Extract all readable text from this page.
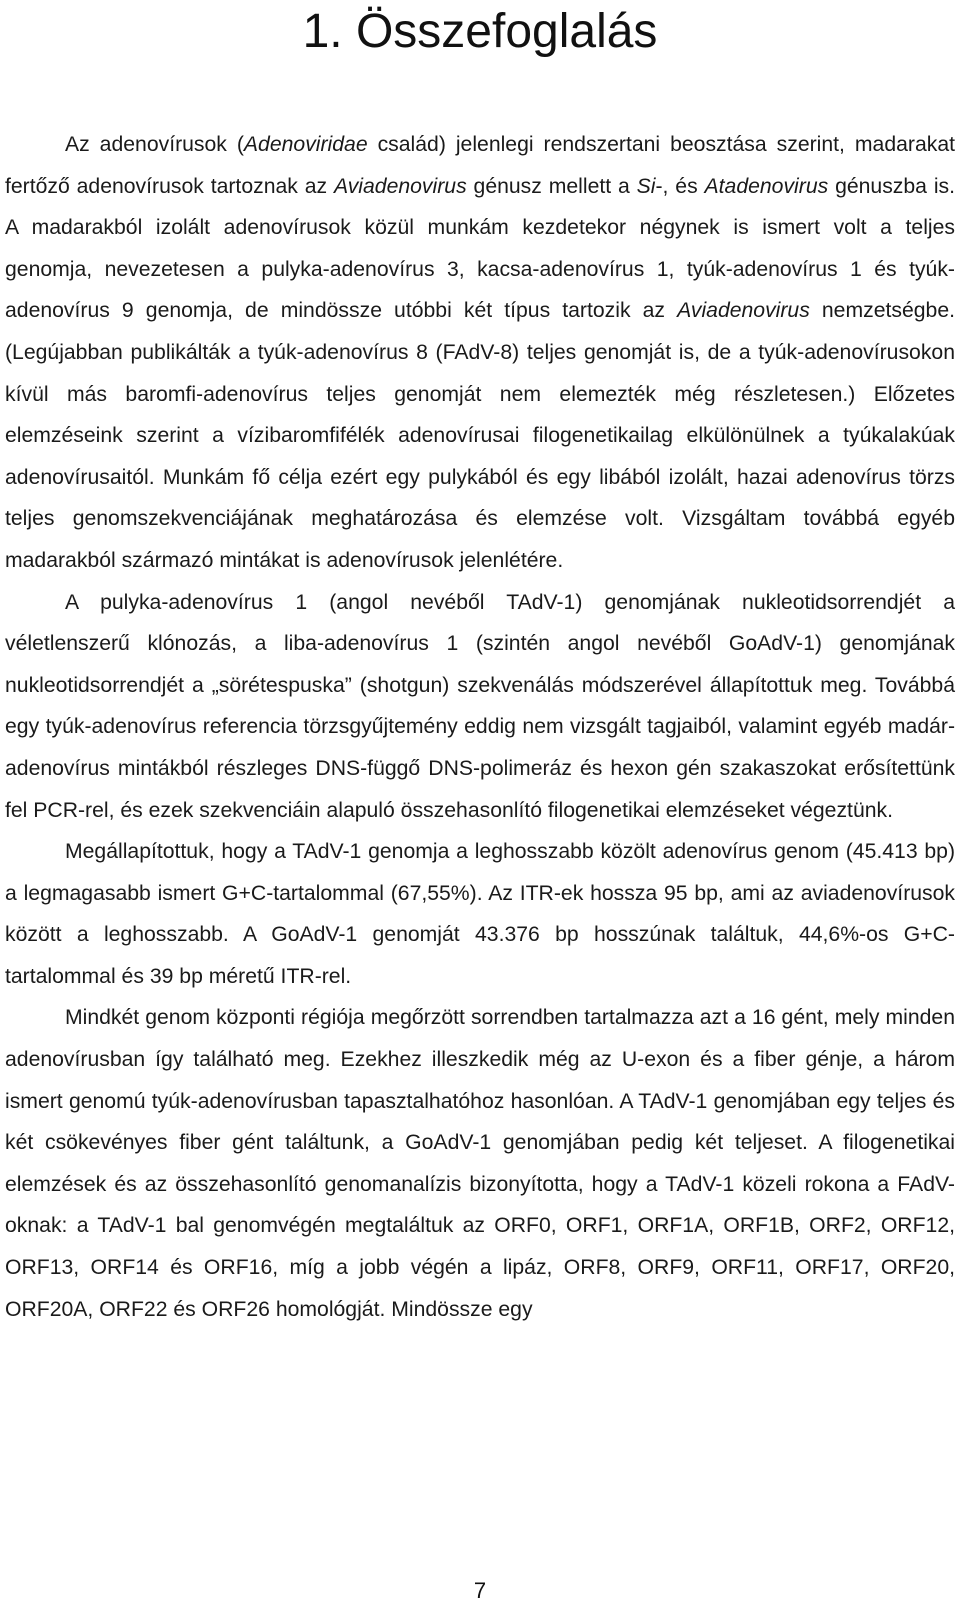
1. Összefoglalás

Az adenovírusok (Adenoviridae család) jelenlegi rendszertani beosztása szerint, madarakat fertőző adenovírusok tartoznak az Aviadenovirus génusz mellett a Si-, és Atadenovirus génuszba is. A madarakból izolált adenovírusok közül munkám kezdetekor négynek is ismert volt a teljes genomja, nevezetesen a pulyka-adenovírus 3, kacsa-adenovírus 1, tyúk-adenovírus 1 és tyúk-adenovírus 9 genomja, de mindössze utóbbi két típus tartozik az Aviadenovirus nemzetségbe. (Legújabban publikálták a tyúk-adenovírus 8 (FAdV-8) teljes genomját is, de a tyúk-adenovírusokon kívül más baromfi-adenovírus teljes genomját nem elemezték még részletesen.) Előzetes elemzéseink szerint a vízibaromfifélék adenovírusai filogenetikailag elkülönülnek a tyúkalakúak adenovírusaitól. Munkám fő célja ezért egy pulykából és egy libából izolált, hazai adenovírus törzs teljes genomszekvenciájának meghatározása és elemzése volt. Vizsgáltam továbbá egyéb madarakból származó mintákat is adenovírusok jelenlétére.

A pulyka-adenovírus 1 (angol nevéből TAdV-1) genomjának nukleotidsorrendjét a véletlenszerű klónozás, a liba-adenovírus 1 (szintén angol nevéből GoAdV-1) genomjának nukleotidsorrendjét a „sörétespuska” (shotgun) szekvenálás módszerével állapítottuk meg. Továbbá egy tyúk-adenovírus referencia törzsgyűjtemény eddig nem vizsgált tagjaiból, valamint egyéb madár-adenovírus mintákból részleges DNS-függő DNS-polimeráz és hexon gén szakaszokat erősítettünk fel PCR-rel, és ezek szekvenciáin alapuló összehasonlító filogenetikai elemzéseket végeztünk.

Megállapítottuk, hogy a TAdV-1 genomja a leghosszabb közölt adenovírus genom (45.413 bp) a legmagasabb ismert G+C-tartalommal (67,55%). Az ITR-ek hossza 95 bp, ami az aviadenovírusok között a leghosszabb. A GoAdV-1 genomját 43.376 bp hosszúnak találtuk, 44,6%-os G+C-tartalommal és 39 bp méretű ITR-rel.

Mindkét genom központi régiója megőrzött sorrendben tartalmazza azt a 16 gént, mely minden adenovírusban így található meg. Ezekhez illeszkedik még az U-exon és a fiber génje, a három ismert genomú tyúk-adenovírusban tapasztalhatóhoz hasonlóan. A TAdV-1 genomjában egy teljes és két csökevényes fiber gént találtunk, a GoAdV-1 genomjában pedig két teljeset. A filogenetikai elemzések és az összehasonlító genomanalízis bizonyította, hogy a TAdV-1 közeli rokona a FAdV-oknak: a TAdV-1 bal genomvégén megtaláltuk az ORF0, ORF1, ORF1A, ORF1B, ORF2, ORF12, ORF13, ORF14 és ORF16, míg a jobb végén a lipáz, ORF8, ORF9, ORF11, ORF17, ORF20, ORF20A, ORF22 és ORF26 homológját. Mindössze egy

7
